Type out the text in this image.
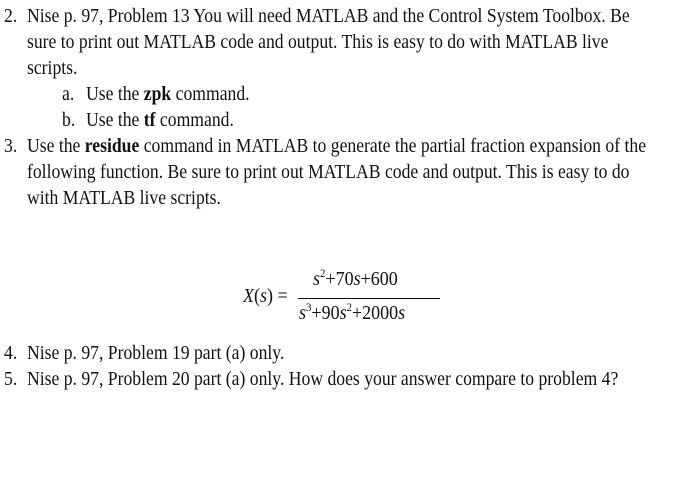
2. Nise p. 97, Problem 13 You will need MATLAB and the Control System Toolbox. Be
sure to print out MATLAB code and output. This is easy to do with MATLAB live
scripts.
a. Use the zpk command.
b. Use the tf command.
3. Use the residue command in MATLAB to generate the partial fraction expansion of the
following function. Be sure to print out MATLAB code and output. This is easy to do
with MATLAB live scripts.
X(s) =
$s^2+70s+600$
$s^3+90s^2+2000s$
4. Nise p. 97, Problem 19 part (a) only.
5. Nise p. 97, Problem 20 part (a) only. How does your answer compare to problem 4?
